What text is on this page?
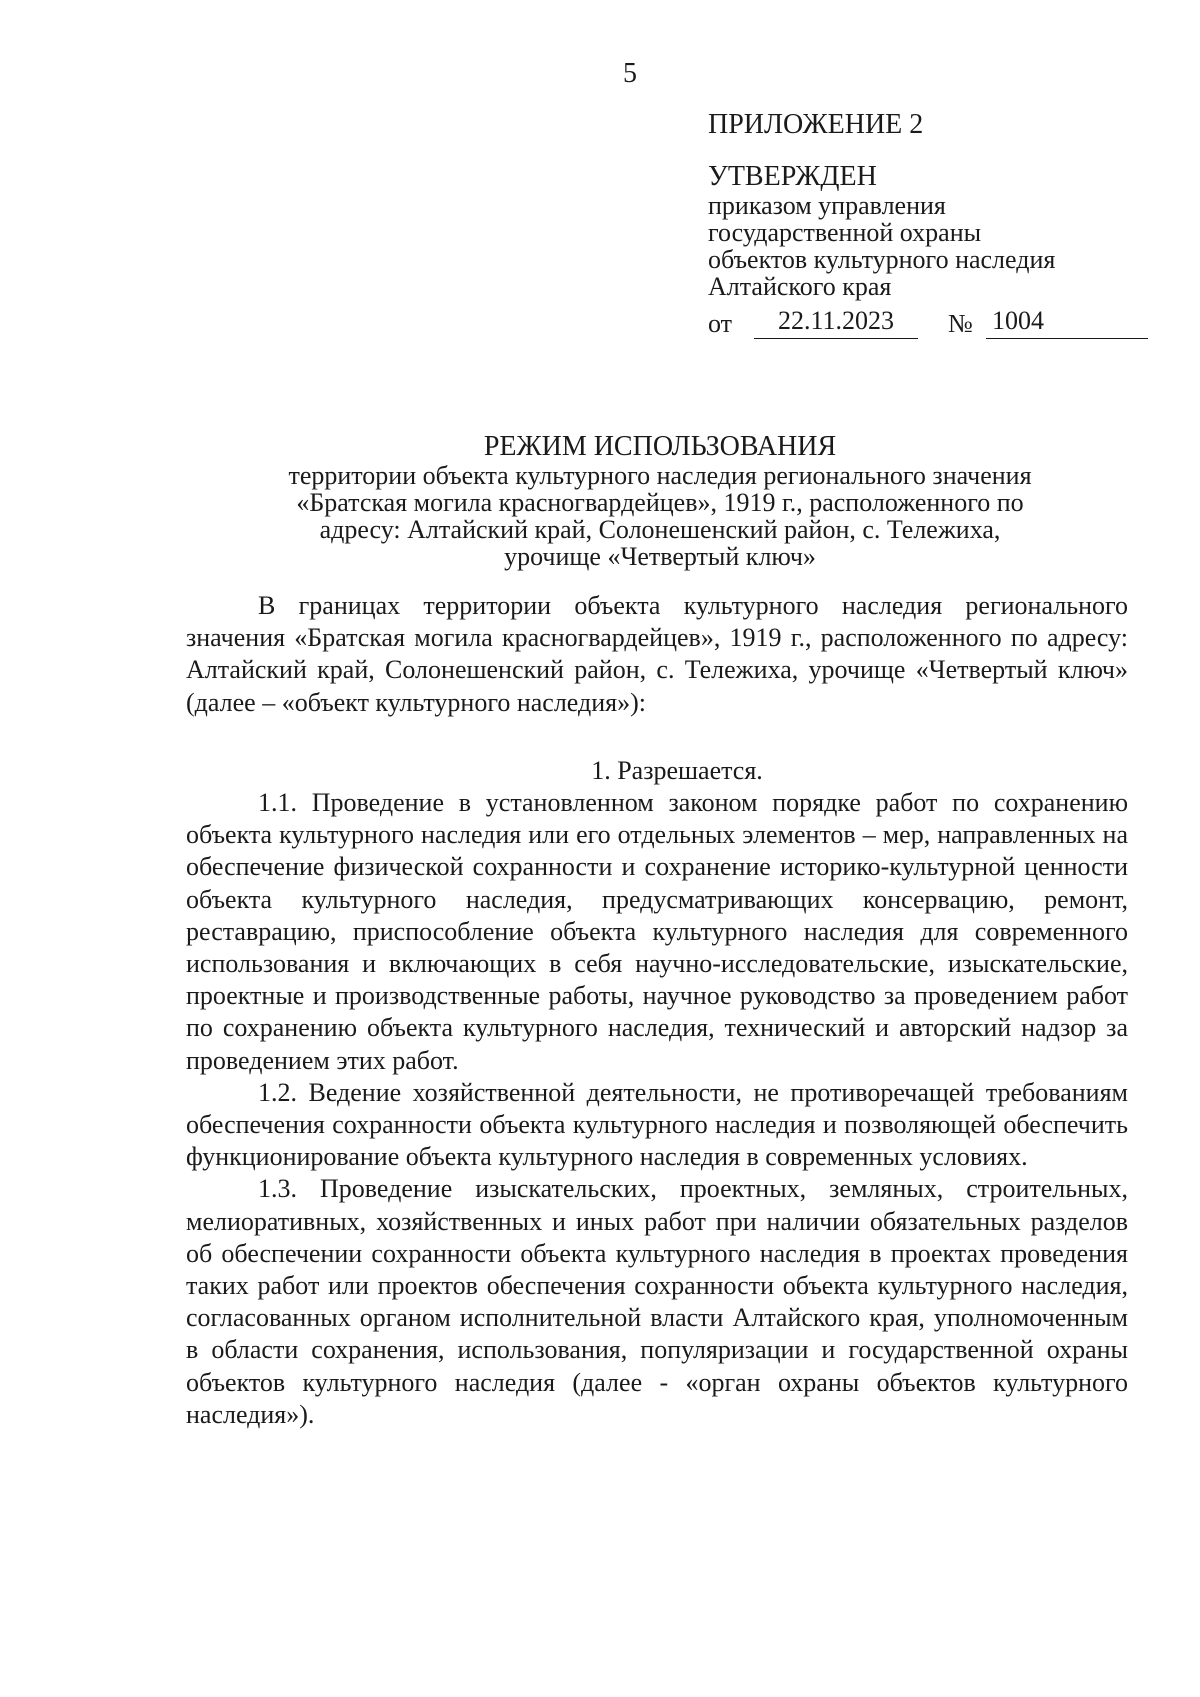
5
ПРИЛОЖЕНИЕ 2
УТВЕРЖДЕН
приказом управления
государственной охраны
объектов культурного наследия
Алтайского края
от	22.11.2023	№ 1004
РЕЖИМ ИСПОЛЬЗОВАНИЯ
территории объекта культурного наследия регионального значения
«Братская могила красногвардейцев», 1919 г., расположенного по
адресу: Алтайский край, Солонешенский район, с. Тележиха,
урочище «Четвертый ключ»

В границах территории объекта культурного наследия регионального значения «Братская могила красногвардейцев», 1919 г., расположенного по адресу: Алтайский край, Солонешенский район, с. Тележиха, урочище «Четвертый ключ» (далее – «объект культурного наследия»):

1. Разрешается.

1.1. Проведение в установленном законом порядке работ по сохранению объекта культурного наследия или его отдельных элементов – мер, направленных на обеспечение физической сохранности и сохранение историко-культурной ценности объекта культурного наследия, предусматривающих консервацию, ремонт, реставрацию, приспособление объекта культурного наследия для современного использования и включающих в себя научно-исследовательские, изыскательские, проектные и производственные работы, научное руководство за проведением работ по сохранению объекта культурного наследия, технический и авторский надзор за проведением этих работ.

1.2. Ведение хозяйственной деятельности, не противоречащей требованиям обеспечения сохранности объекта культурного наследия и позволяющей обеспечить функционирование объекта культурного наследия в современных условиях.

1.3. Проведение изыскательских, проектных, земляных, строительных, мелиоративных, хозяйственных и иных работ при наличии обязательных разделов об обеспечении сохранности объекта культурного наследия в проектах проведения таких работ или проектов обеспечения сохранности объекта культурного наследия, согласованных органом исполнительной власти Алтайского края, уполномоченным в области сохранения, использования, популяризации и государственной охраны объектов культурного наследия (далее - «орган охраны объектов культурного наследия»).
